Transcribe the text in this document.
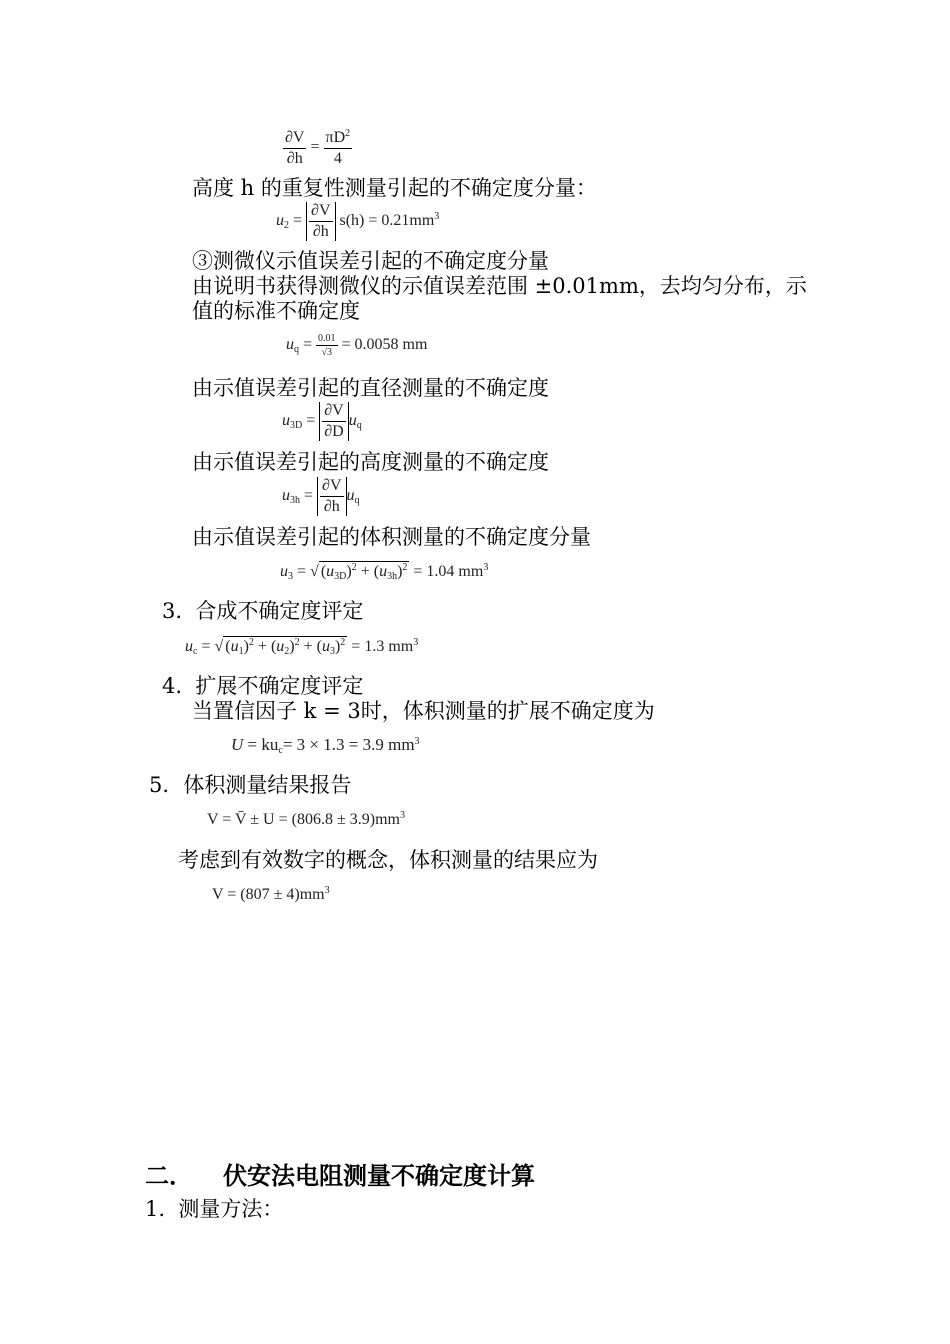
$\frac{\partial V}{\partial h} = \frac{\pi D^2}{4}$
高度 h 的重复性测量引起的不确定度分量：
$u_2 = \frac{\partial V}{\partial h} s(h) = 0.21mm^3$
③测微仪示值误差引起的不确定度分量
由说明书获得测微仪的示值误差范围 ±0.01mm，去均匀分布，示
值的标准不确定度
$u_q = \frac{0.01}{√3} = 0.0058$ mm
由示值误差引起的直径测量的不确定度
$u_{3D} = \frac{\partial V}{\partial D} u_q$
由示值误差引起的高度测量的不确定度
$u_{3h} = \frac{\partial V}{\partial h} u_q$
由示值误差引起的体积测量的不确定度分量
$u_3$ = √ $(u_{3D})^2 + (u_{3h})^2 = 1.04$ $mm^3$
3. 合成不确定度评定
$u_c$ = √ $(u_1)^2 + (u_2)^2 + (u_3)^2 = 1.3$ $mm^3$
4. 扩展不确定度评定
当置信因子 k = 3时，体积测量的扩展不确定度为
$U = ku_c= 3 \times 1.3 = 3.9$ $mm^3$
5．体积测量结果报告
V = V̄ ± $U = (806.8 \pm 3.9)mm^3$
考虑到有效数字的概念，体积测量的结果应为
$V = (807 \pm 4)mm^3$
二． 伏安法电阻测量不确定度计算
1. 测量方法：
